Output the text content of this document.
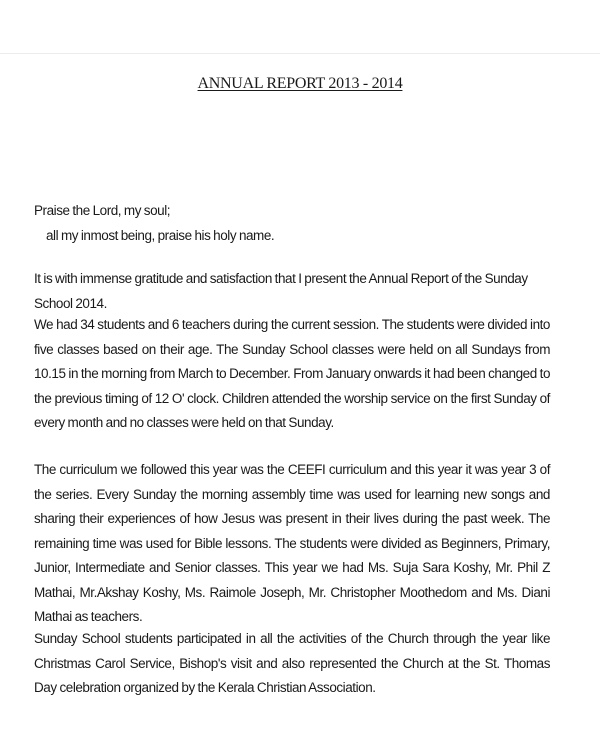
ANNUAL REPORT 2013 - 2014
Praise the Lord, my soul;
all my inmost being, praise his holy name.
It is with immense gratitude and satisfaction that I present the Annual Report of the Sunday School 2014.
We had 34 students and 6 teachers during the current session. The students were divided into five classes based on their age. The Sunday School classes were held on all Sundays from 10.15 in the morning from March to December. From January onwards it had been changed to the previous timing of 12 O' clock. Children attended the worship service on the first Sunday of every month and no classes were held on that Sunday.
The curriculum we followed this year was the CEEFI curriculum and this year it was year 3 of the series. Every Sunday the morning assembly time was used for learning new songs and sharing their experiences of how Jesus was present in their lives during the past week. The remaining time was used for Bible lessons. The students were divided as Beginners, Primary, Junior, Intermediate and Senior classes. This year we had Ms. Suja Sara Koshy, Mr. Phil Z Mathai, Mr.Akshay Koshy, Ms. Raimole Joseph, Mr. Christopher Moothedom and Ms. Diani Mathai as teachers.
Sunday School students participated in all the activities of the Church through the year like Christmas Carol Service, Bishop's visit and also represented the Church at the St. Thomas Day celebration organized by the Kerala Christian Association.
